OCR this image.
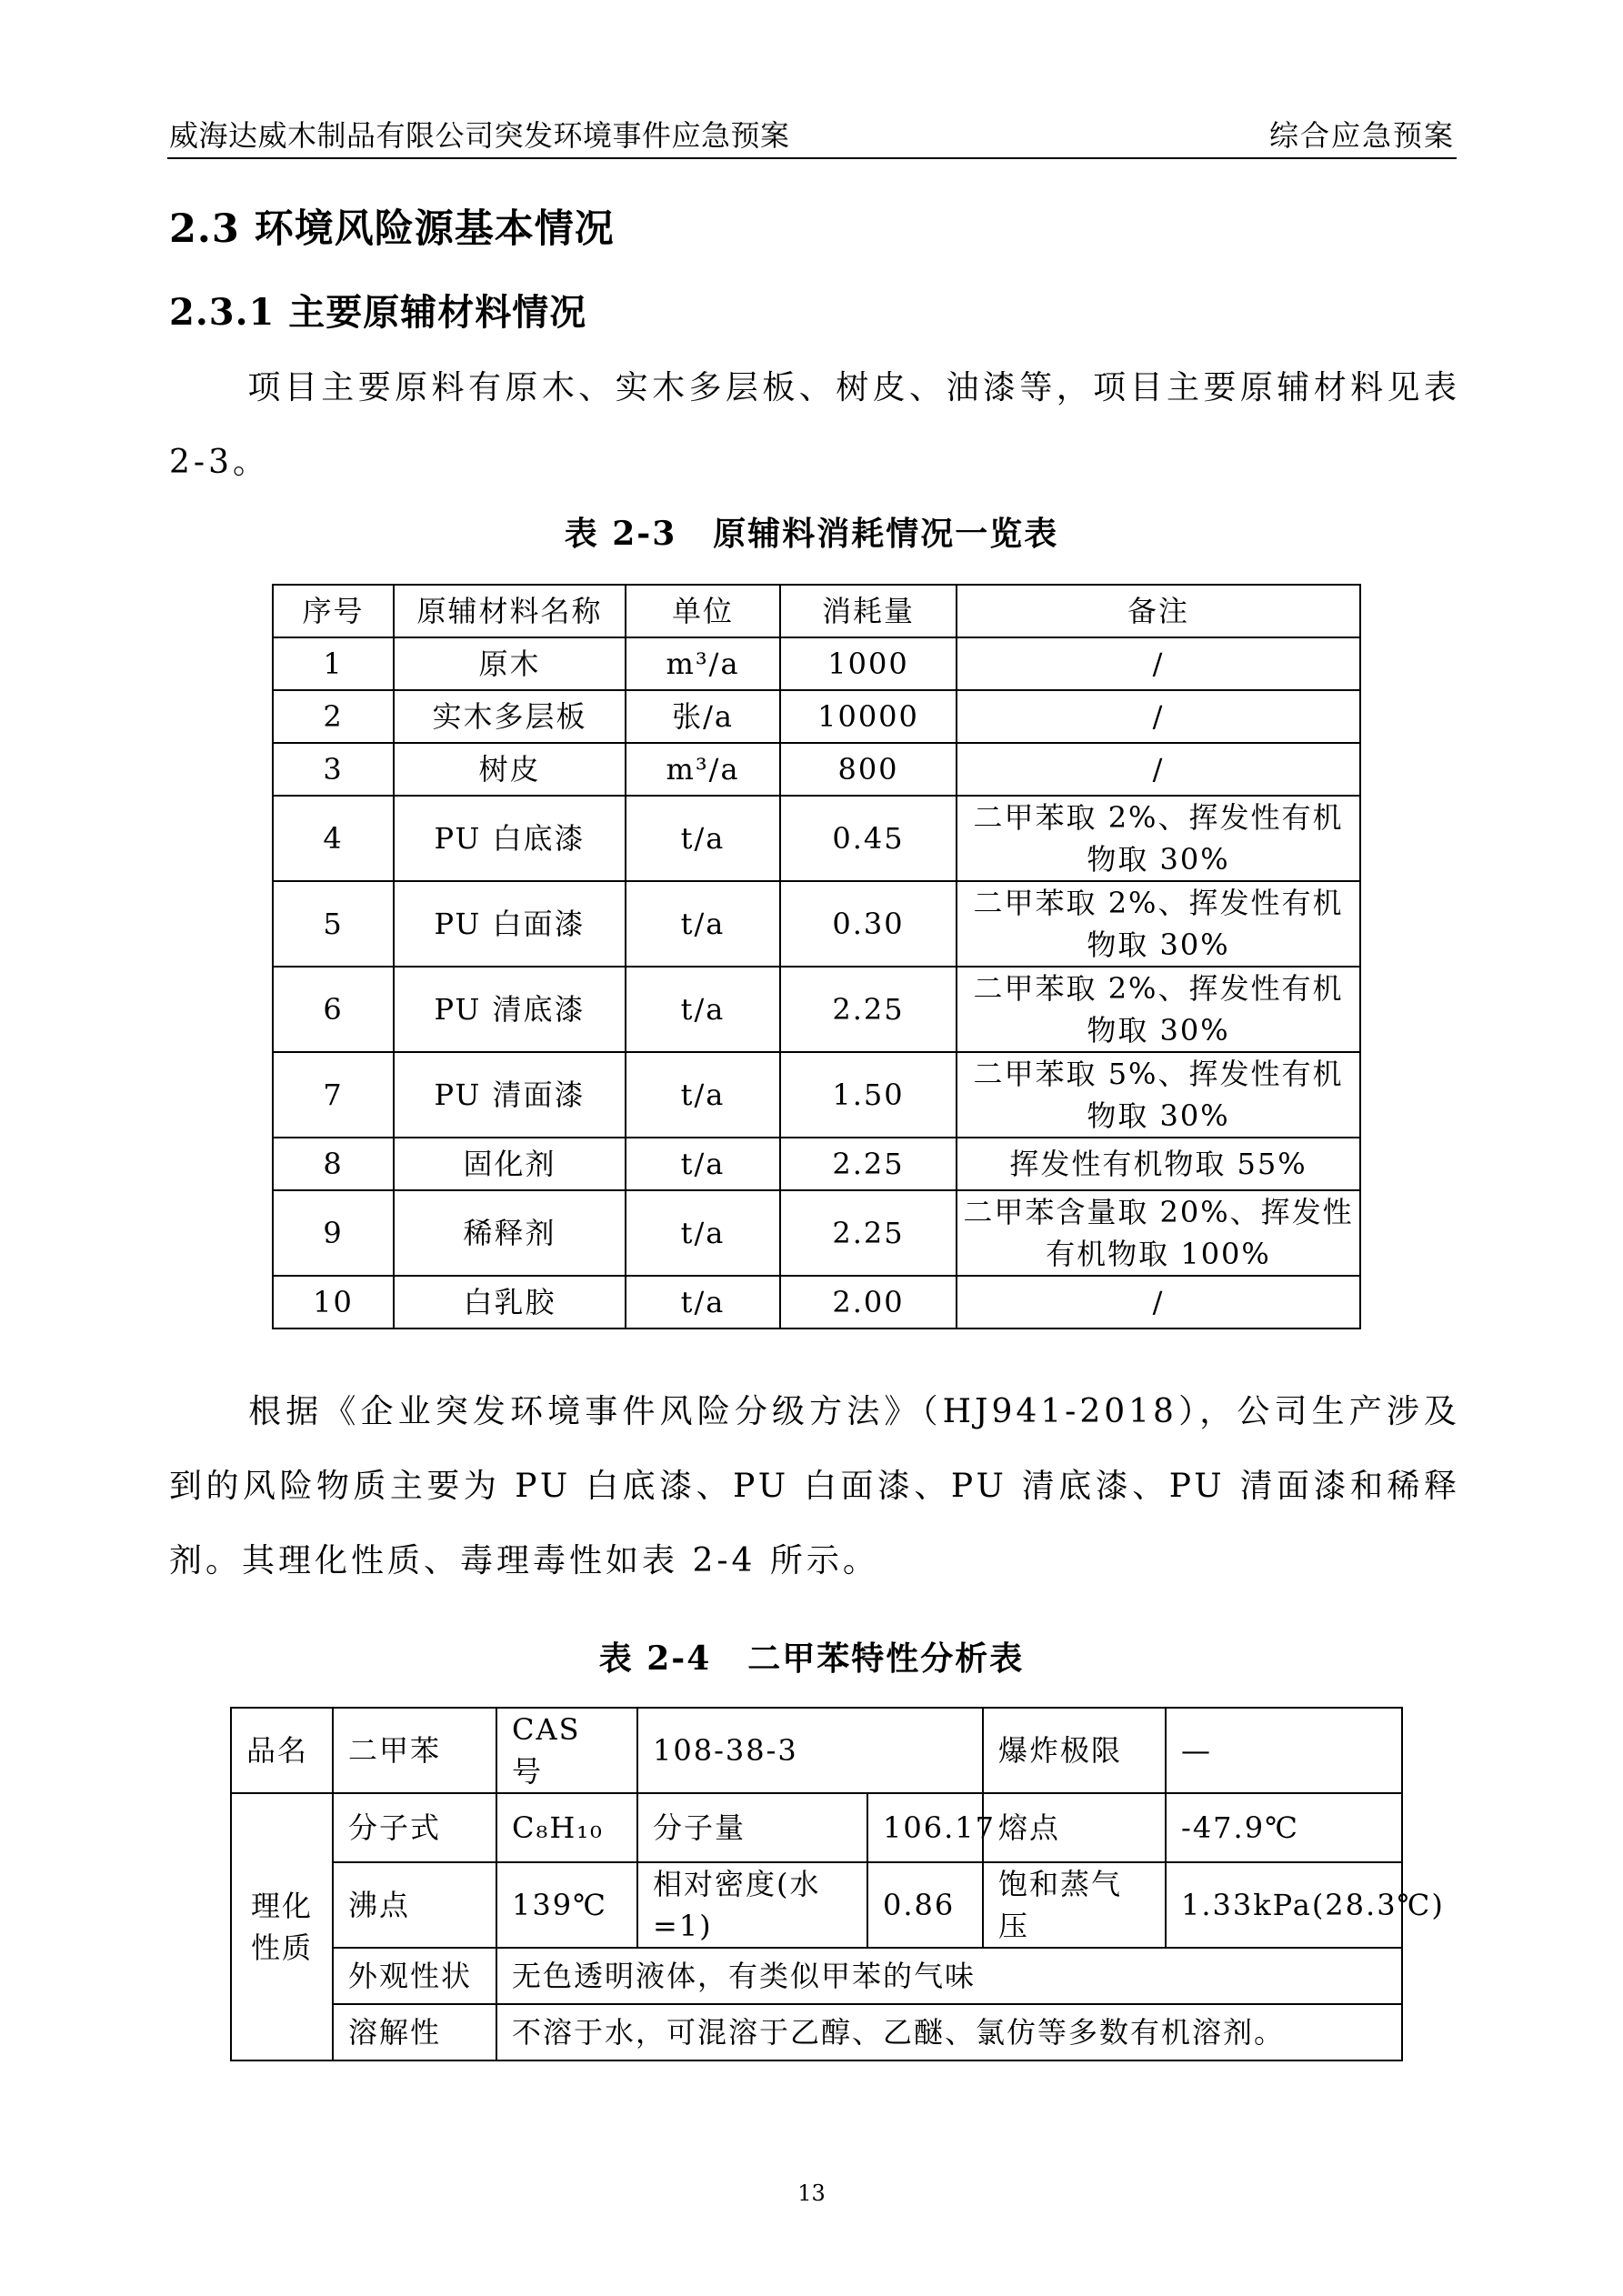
威海达威木制品有限公司突发环境事件应急预案	综合应急预案
2.3 环境风险源基本情况
2.3.1 主要原辅材料情况

项目主要原料有原木、实木多层板、树皮、油漆等，项目主要原辅材料见表 2-3。

表 2-3 原辅料消耗情况一览表
序号	原辅材料名称	单位	消耗量	备注
1	原木	m³/a	1000	/
2	实木多层板	张/a	10000	/
3	树皮	m³/a	800	/
4	PU 白底漆	t/a	0.45	二甲苯取 2%、挥发性有机物取 30%
5	PU 白面漆	t/a	0.30	二甲苯取 2%、挥发性有机物取 30%
6	PU 清底漆	t/a	2.25	二甲苯取 2%、挥发性有机物取 30%
7	PU 清面漆	t/a	1.50	二甲苯取 5%、挥发性有机物取 30%
8	固化剂	t/a	2.25	挥发性有机物取 55%
9	稀释剂	t/a	2.25	二甲苯含量取 20%、挥发性有机物取 100%
10	白乳胶	t/a	2.00	/

根据《企业突发环境事件风险分级方法》（HJ941-2018），公司生产涉及到的风险物质主要为 PU 白底漆、PU 白面漆、PU 清底漆、PU 清面漆和稀释剂。其理化性质、毒理毒性如表 2-4 所示。

表 2-4 二甲苯特性分析表
品名	二甲苯	CAS 号	108-38-3		爆炸极限	—
理化性质	分子式	C₈H₁₀	分子量	106.17	熔点	-47.9℃
	沸点	139℃	相对密度(水=1)	0.86	饱和蒸气压	1.33kPa(28.3℃)
	外观性状	无色透明液体，有类似甲苯的气味				
	溶解性	不溶于水，可混溶于乙醇、乙醚、氯仿等多数有机溶剂。				
13
